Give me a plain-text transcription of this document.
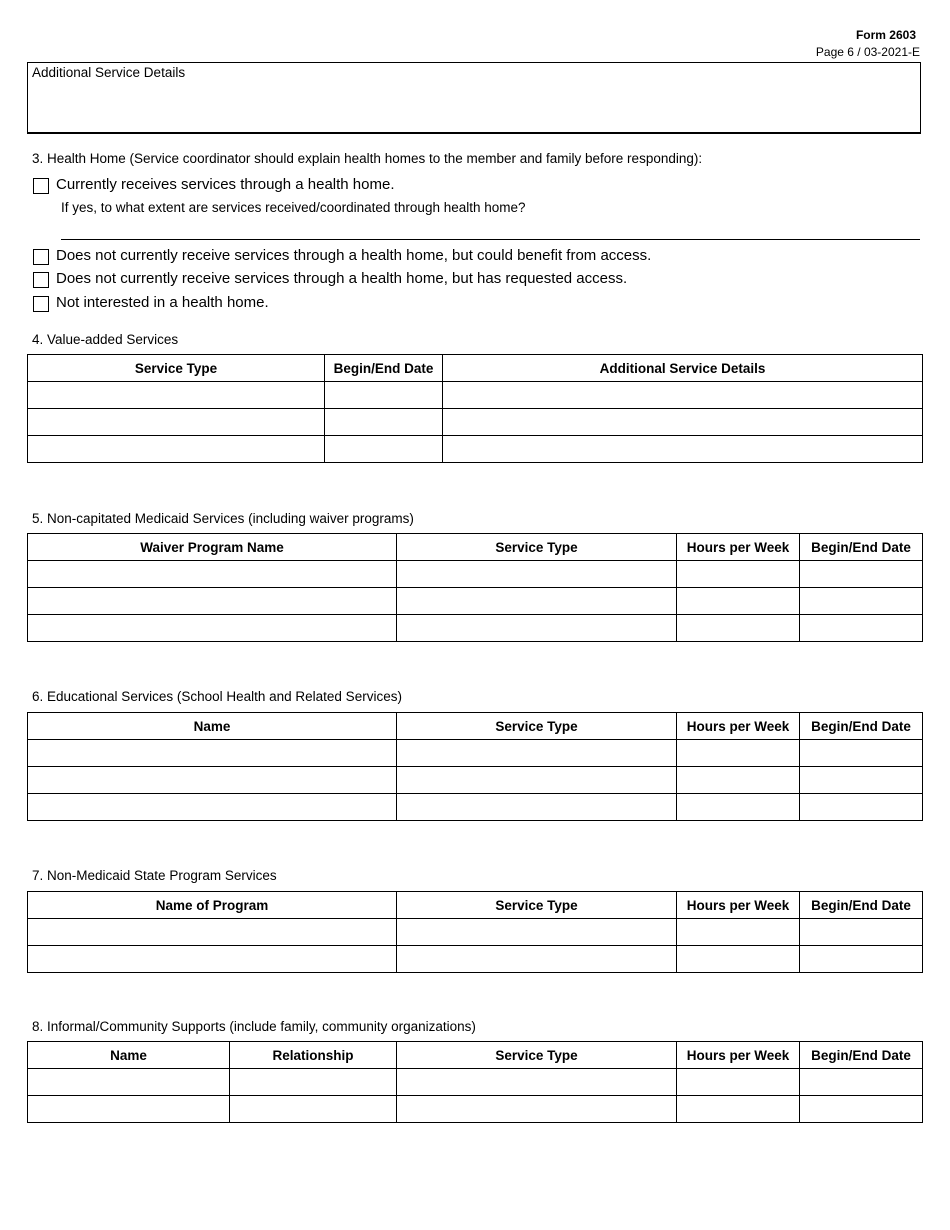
Form 2603
Page 6 / 03-2021-E
Additional Service Details
3. Health Home (Service coordinator should explain health homes to the member and family before responding):
Currently receives services through a health home.
If yes, to what extent are services received/coordinated through health home?
Does not currently receive services through a health home, but could benefit from access.
Does not currently receive services through a health home, but has requested access.
Not interested in a health home.
4. Value-added Services
Service Type	Begin/End Date	Additional Service Details

5. Non-capitated Medicaid Services (including waiver programs)
Waiver Program Name	Service Type	Hours per Week	Begin/End Date

6. Educational Services (School Health and Related Services)
Name	Service Type	Hours per Week	Begin/End Date

7. Non-Medicaid State Program Services
Name of Program	Service Type	Hours per Week	Begin/End Date

8. Informal/Community Supports (include family, community organizations)
Name	Relationship	Service Type	Hours per Week	Begin/End Date
